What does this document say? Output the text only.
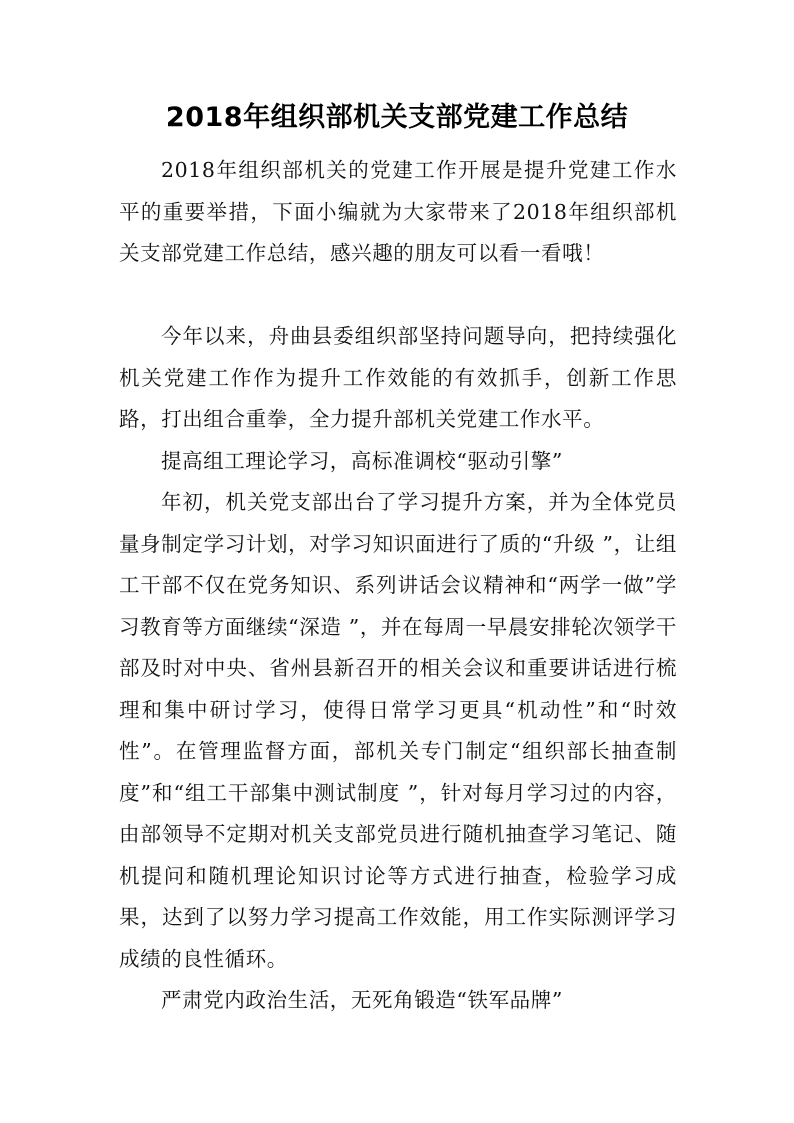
2018年组织部机关支部党建工作总结

2018年组织部机关的党建工作开展是提升党建工作水平的重要举措，下面小编就为大家带来了2018年组织部机关支部党建工作总结，感兴趣的朋友可以看一看哦！

今年以来，舟曲县委组织部坚持问题导向，把持续强化机关党建工作作为提升工作效能的有效抓手，创新工作思路，打出组合重拳，全力提升部机关党建工作水平。

提高组工理论学习，高标准调校“驱动引擎”

年初，机关党支部出台了学习提升方案，并为全体党员量身制定学习计划，对学习知识面进行了质的“升级 ”，让组工干部不仅在党务知识、系列讲话会议精神和“两学一做”学习教育等方面继续“深造 ”，并在每周一早晨安排轮次领学干部及时对中央、省州县新召开的相关会议和重要讲话进行梳理和集中研讨学习，使得日常学习更具“机动性”和“时效性”。在管理监督方面，部机关专门制定“组织部长抽查制度”和“组工干部集中测试制度 ”，针对每月学习过的内容，由部领导不定期对机关支部党员进行随机抽查学习笔记、随机提问和随机理论知识讨论等方式进行抽查，检验学习成果，达到了以努力学习提高工作效能，用工作实际测评学习成绩的良性循环。

严肃党内政治生活，无死角锻造“铁军品牌”
